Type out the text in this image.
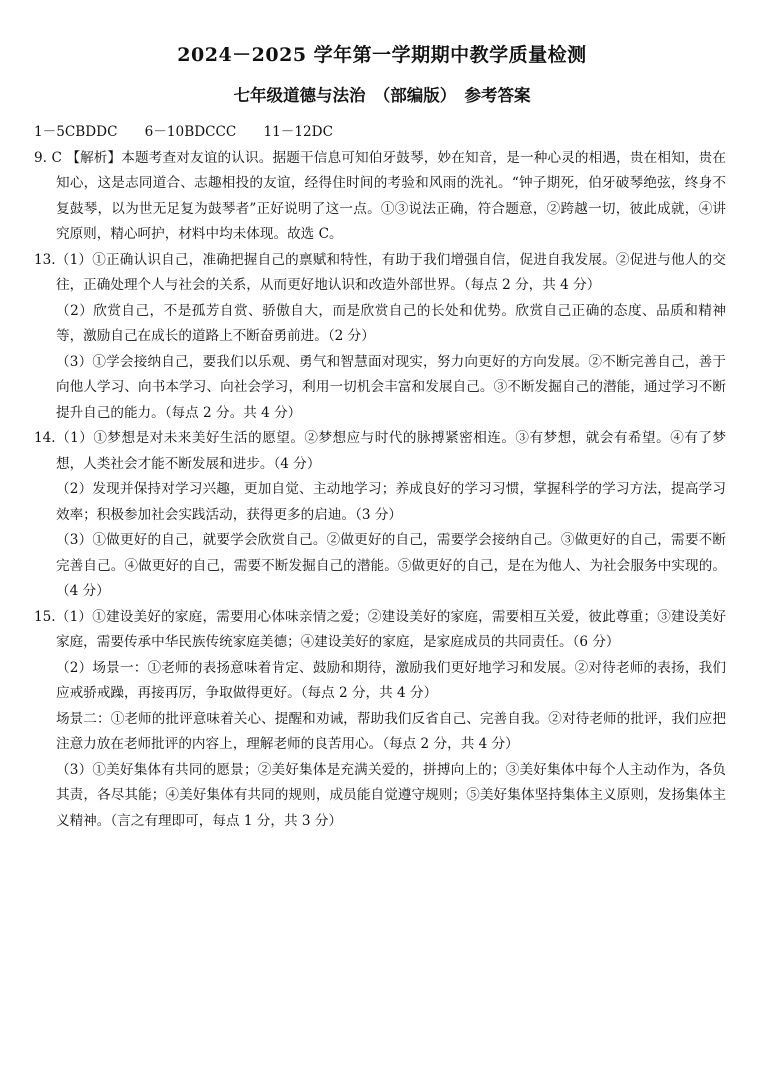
2024－2025 学年第一学期期中教学质量检测
七年级道德与法治　（部编版）　参考答案

1－5CBDDC　　6－10BDCCC　　11－12DC

9. C 【解析】本题考查对友谊的认识。据题干信息可知伯牙鼓琴，妙在知音，是一种心灵的相遇，贵在相知，贵在知心，这是志同道合、志趣相投的友谊，经得住时间的考验和风雨的洗礼。“钟子期死，伯牙破琴绝弦，终身不复鼓琴，以为世无足复为鼓琴者”正好说明了这一点。①③说法正确，符合题意，②跨越一切，彼此成就，④讲究原则，精心呵护，材料中均未体现。故选 C。

13.（1）①正确认识自己，准确把握自己的禀赋和特性，有助于我们增强自信，促进自我发展。②促进与他人的交往，正确处理个人与社会的关系，从而更好地认识和改造外部世界。（每点 2 分，共 4 分）

（2）欣赏自己，不是孤芳自赏、骄傲自大，而是欣赏自己的长处和优势。欣赏自己正确的态度、品质和精神等，激励自己在成长的道路上不断奋勇前进。（2 分）

（3）①学会接纳自己，要我们以乐观、勇气和智慧面对现实，努力向更好的方向发展。②不断完善自己，善于向他人学习、向书本学习、向社会学习，利用一切机会丰富和发展自己。③不断发掘自己的潜能，通过学习不断提升自己的能力。（每点 2 分。共 4 分）

14.（1）①梦想是对未来美好生活的愿望。②梦想应与时代的脉搏紧密相连。③有梦想，就会有希望。④有了梦想，人类社会才能不断发展和进步。（4 分）

（2）发现并保持对学习兴趣，更加自觉、主动地学习；养成良好的学习习惯，掌握科学的学习方法，提高学习效率；积极参加社会实践活动，获得更多的启迪。（3 分）

（3）①做更好的自己，就要学会欣赏自己。②做更好的自己，需要学会接纳自己。③做更好的自己，需要不断完善自己。④做更好的自己，需要不断发掘自己的潜能。⑤做更好的自己，是在为他人、为社会服务中实现的。（4 分）

15.（1）①建设美好的家庭，需要用心体味亲情之爱；②建设美好的家庭，需要相互关爱，彼此尊重；③建设美好家庭，需要传承中华民族传统家庭美德；④建设美好的家庭，是家庭成员的共同责任。（6 分）

（2）场景一：①老师的表扬意味着肯定、鼓励和期待，激励我们更好地学习和发展。②对待老师的表扬，我们应戒骄戒躁，再接再厉，争取做得更好。（每点 2 分，共 4 分）

场景二：①老师的批评意味着关心、提醒和劝诫，帮助我们反省自己、完善自我。②对待老师的批评，我们应把注意力放在老师批评的内容上，理解老师的良苦用心。（每点 2 分，共 4 分）

（3）①美好集体有共同的愿景；②美好集体是充满关爱的，拼搏向上的；③美好集体中每个人主动作为，各负其责，各尽其能；④美好集体有共同的规则，成员能自觉遵守规则；⑤美好集体坚持集体主义原则，发扬集体主义精神。（言之有理即可，每点 1 分，共 3 分）
